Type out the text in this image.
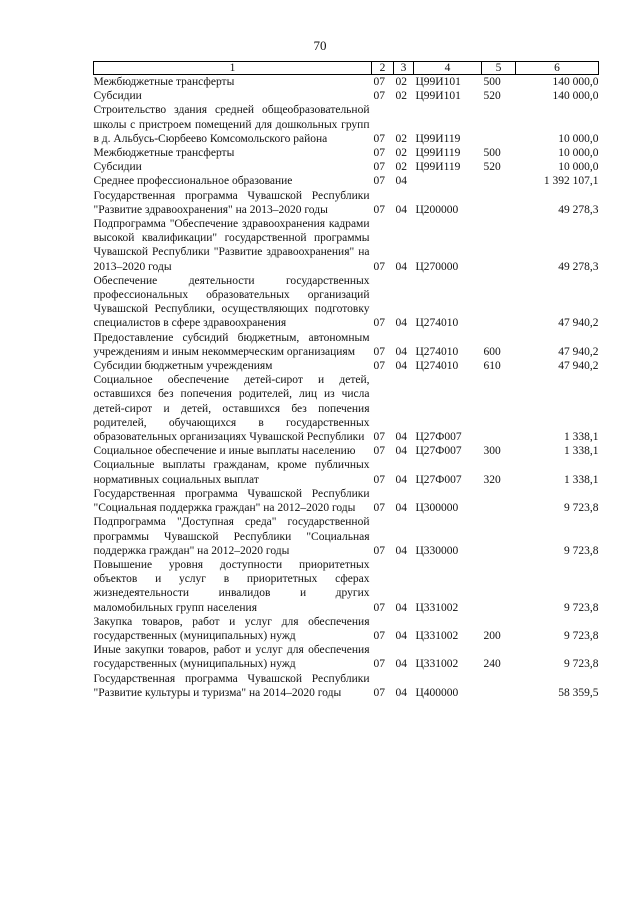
70
1	2	3	4	5	6
Межбюджетные трансферты	07	02	Ц99И101	500	140 000,0
Субсидии	07	02	Ц99И101	520	140 000,0
Строительство здания средней общеобразовательной школы с пристроем помещений для дошкольных групп в д. Альбусь-Сюрбеево Комсомольского района	07	02	Ц99И119		10 000,0
Межбюджетные трансферты	07	02	Ц99И119	500	10 000,0
Субсидии	07	02	Ц99И119	520	10 000,0
Среднее профессиональное образование	07	04			1 392 107,1
Государственная программа Чувашской Республики "Развитие здравоохранения" на 2013–2020 годы	07	04	Ц200000		49 278,3
Подпрограмма "Обеспечение здравоохранения кадрами высокой квалификации" государственной программы Чувашской Республики "Развитие здравоохранения" на 2013–2020 годы	07	04	Ц270000		49 278,3
Обеспечение деятельности государственных профессиональных образовательных организаций Чувашской Республики, осуществляющих подготовку специалистов в сфере здравоохранения	07	04	Ц274010		47 940,2
Предоставление субсидий бюджетным, автономным учреждениям и иным некоммерческим организациям	07	04	Ц274010	600	47 940,2
Субсидии бюджетным учреждениям	07	04	Ц274010	610	47 940,2
Социальное обеспечение детей-сирот и детей, оставшихся без попечения родителей, лиц из числа детей-сирот и детей, оставшихся без попечения родителей, обучающихся в государственных образовательных организациях Чувашской Республики	07	04	Ц27Ф007		1 338,1
Социальное обеспечение и иные выплаты населению	07	04	Ц27Ф007	300	1 338,1
Социальные выплаты гражданам, кроме публичных нормативных социальных выплат	07	04	Ц27Ф007	320	1 338,1
Государственная программа Чувашской Республики "Социальная поддержка граждан" на 2012–2020 годы	07	04	Ц300000		9 723,8
Подпрограмма "Доступная среда" государственной программы Чувашской Республики "Социальная поддержка граждан" на 2012–2020 годы	07	04	Ц330000		9 723,8
Повышение уровня доступности приоритетных объектов и услуг в приоритетных сферах жизнедеятельности инвалидов и других маломобильных групп населения	07	04	Ц331002		9 723,8
Закупка товаров, работ и услуг для обеспечения государственных (муниципальных) нужд	07	04	Ц331002	200	9 723,8
Иные закупки товаров, работ и услуг для обеспечения государственных (муниципальных) нужд	07	04	Ц331002	240	9 723,8
Государственная программа Чувашской Республики "Развитие культуры и туризма" на 2014–2020 годы	07	04	Ц400000		58 359,5
